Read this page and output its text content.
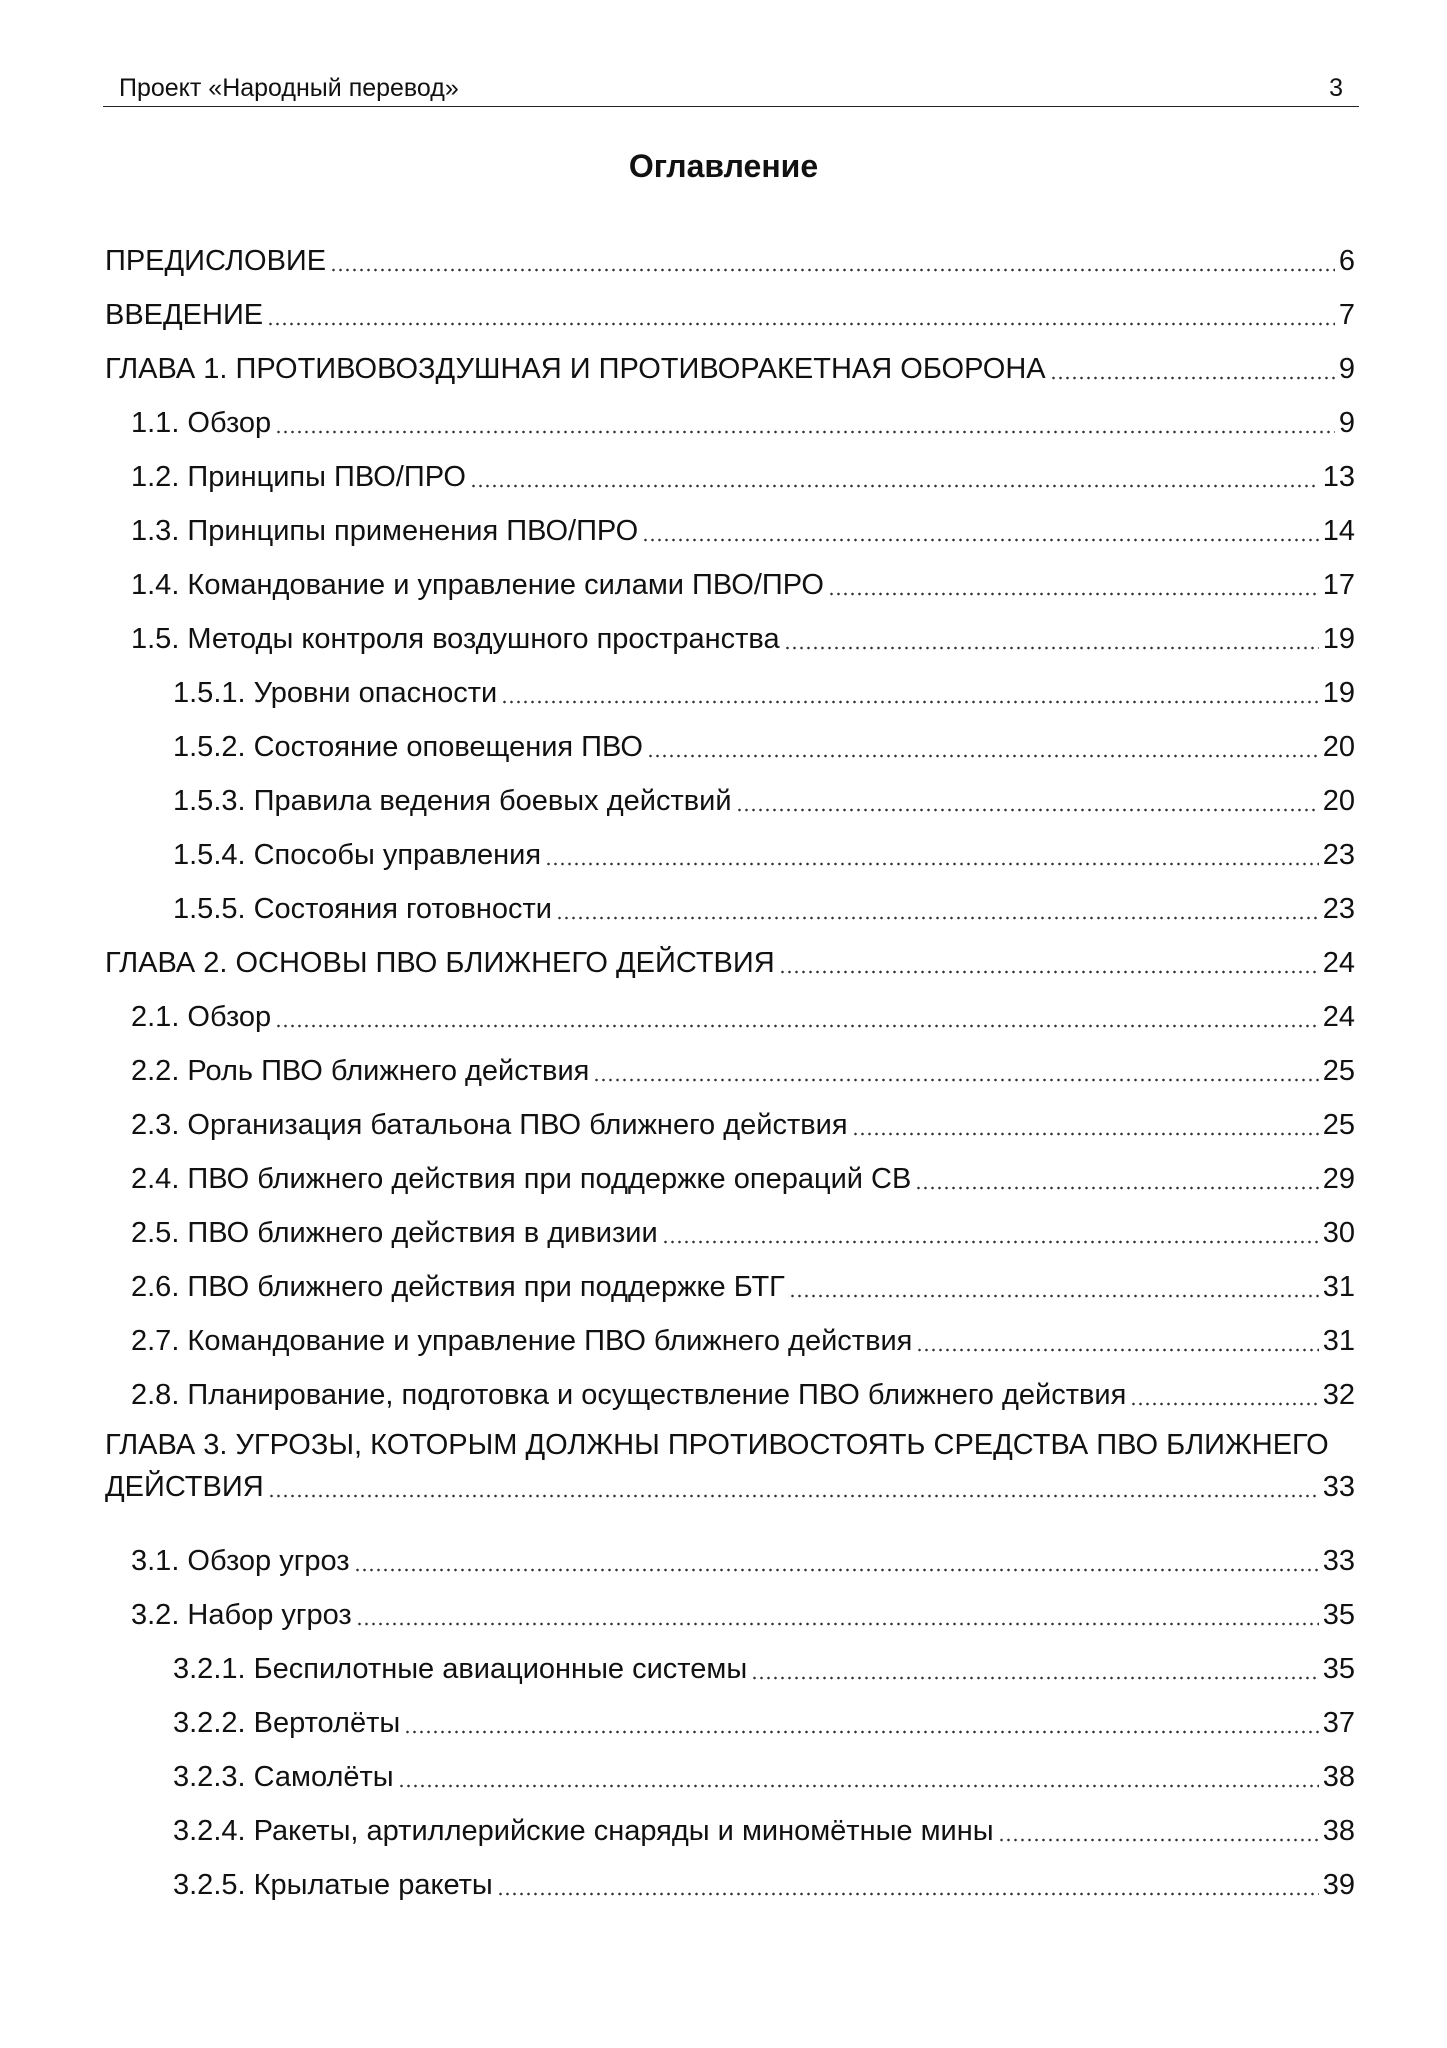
Проект «Народный перевод»	3
Оглавление
ПРЕДИСЛОВИЕ	6
ВВЕДЕНИЕ	7
ГЛАВА 1. ПРОТИВОВОЗДУШНАЯ И ПРОТИВОРАКЕТНАЯ ОБОРОНА	9
1.1. Обзор	9
1.2. Принципы ПВО/ПРО	13
1.3. Принципы применения ПВО/ПРО	14
1.4. Командование и управление силами ПВО/ПРО	17
1.5. Методы контроля воздушного пространства	19
1.5.1. Уровни опасности	19
1.5.2. Состояние оповещения ПВО	20
1.5.3. Правила ведения боевых действий	20
1.5.4. Способы управления	23
1.5.5. Состояния готовности	23
ГЛАВА 2. ОСНОВЫ ПВО БЛИЖНЕГО ДЕЙСТВИЯ	24
2.1. Обзор	24
2.2. Роль ПВО ближнего действия	25
2.3. Организация батальона ПВО ближнего действия	25
2.4. ПВО ближнего действия при поддержке операций СВ	29
2.5. ПВО ближнего действия в дивизии	30
2.6. ПВО ближнего действия при поддержке БТГ	31
2.7. Командование и управление ПВО ближнего действия	31
2.8. Планирование, подготовка и осуществление ПВО ближнего действия	32
ГЛАВА 3. УГРОЗЫ, КОТОРЫМ ДОЛЖНЫ ПРОТИВОСТОЯТЬ СРЕДСТВА ПВО БЛИЖНЕГО
ДЕЙСТВИЯ	33
3.1. Обзор угроз	33
3.2. Набор угроз	35
3.2.1. Беспилотные авиационные системы	35
3.2.2. Вертолёты	37
3.2.3. Самолёты	38
3.2.4. Ракеты, артиллерийские снаряды и миномётные мины	38
3.2.5. Крылатые ракеты	39
